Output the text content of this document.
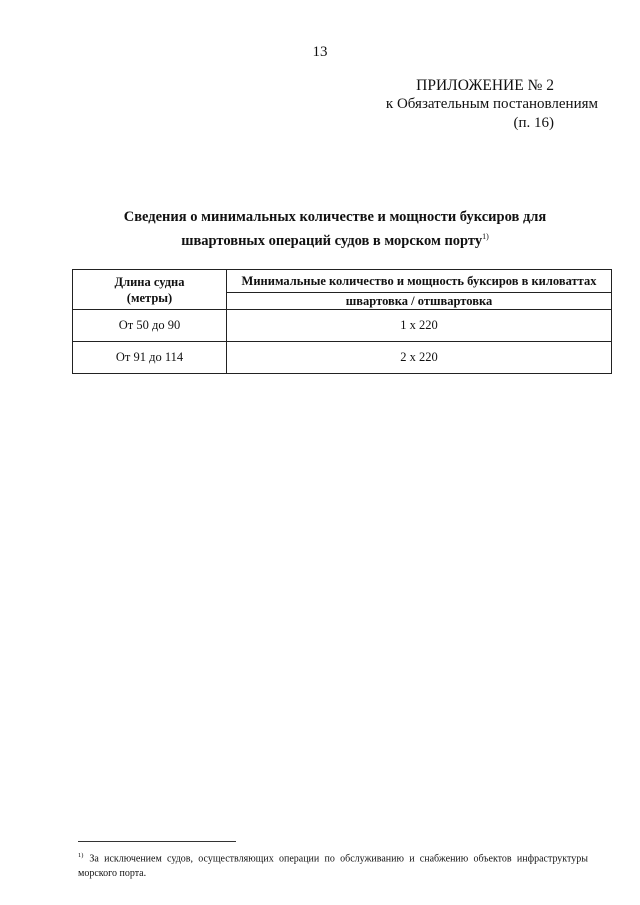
13
ПРИЛОЖЕНИЕ № 2
к Обязательным постановлениям
(п. 16)
Сведения о минимальных количестве и мощности буксиров для
швартовных операций судов в морском порту$^{1)}$
Длина судна
(метры)	Минимальные количество и мощность буксиров в киловаттах
	швартовка / отшвартовка
От 50 до 90	1 х 220
От 91 до 114	2 х 220
$^{1)}$ За исключением судов, осуществляющих операции по обслуживанию и снабжению объектов инфраструктуры морского порта.
